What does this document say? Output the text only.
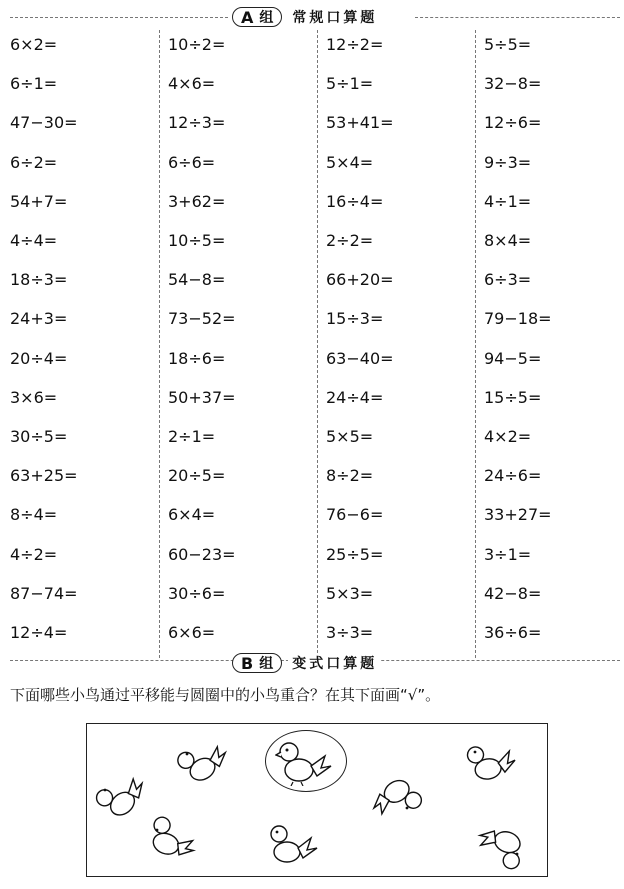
A 组 常规口算题
6×2=
6÷1=
47−30=
6÷2=
54+7=
4÷4=
18÷3=
24+3=
20÷4=
3×6=
30÷5=
63+25=
8÷4=
4÷2=
87−74=
12÷4=
10÷2=
4×6=
12÷3=
6÷6=
3+62=
10÷5=
54−8=
73−52=
18÷6=
50+37=
2÷1=
20÷5=
6×4=
60−23=
30÷6=
6×6=
12÷2=
5÷1=
53+41=
5×4=
16÷4=
2÷2=
66+20=
15÷3=
63−40=
24÷4=
5×5=
8÷2=
76−6=
25÷5=
5×3=
3÷3=
5÷5=
32−8=
12÷6=
9÷3=
4÷1=
8×4=
6÷3=
79−18=
94−5=
15÷5=
4×2=
24÷6=
33+27=
3÷1=
42−8=
36÷6=
B 组 变式口算题
下面哪些小鸟通过平移能与圆圈中的小鸟重合？在其下面画“√”。
